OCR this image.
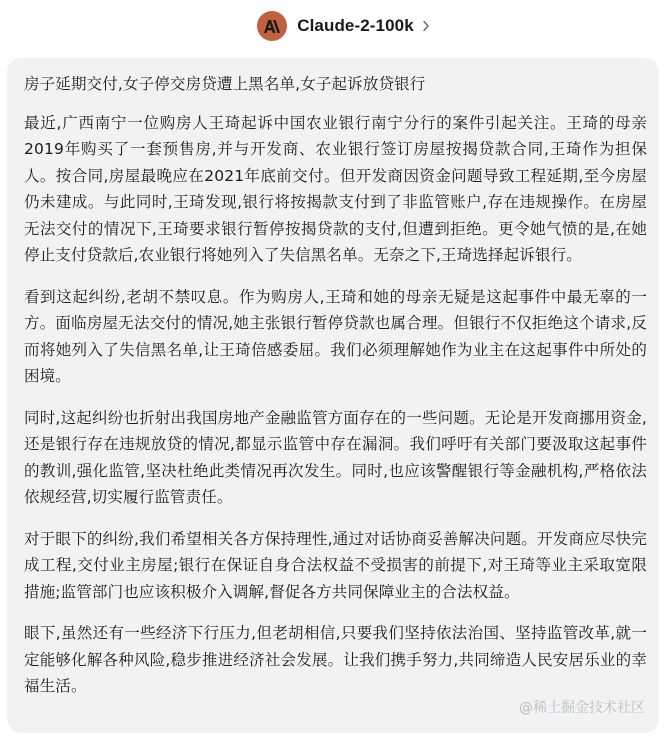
Claude-2-100k

房子延期交付,女子停交房贷遭上黑名单,女子起诉放贷银行

最近,广西南宁一位购房人王琦起诉中国农业银行南宁分行的案件引起关注。王琦的母亲2019年购买了一套预售房,并与开发商、农业银行签订房屋按揭贷款合同,王琦作为担保人。按合同,房屋最晚应在2021年底前交付。但开发商因资金问题导致工程延期,至今房屋仍未建成。与此同时,王琦发现,银行将按揭款支付到了非监管账户,存在违规操作。在房屋无法交付的情况下,王琦要求银行暂停按揭贷款的支付,但遭到拒绝。更令她气愤的是,在她停止支付贷款后,农业银行将她列入了失信黑名单。无奈之下,王琦选择起诉银行。

看到这起纠纷,老胡不禁叹息。作为购房人,王琦和她的母亲无疑是这起事件中最无辜的一方。面临房屋无法交付的情况,她主张银行暂停贷款也属合理。但银行不仅拒绝这个请求,反而将她列入了失信黑名单,让王琦倍感委屈。我们必须理解她作为业主在这起事件中所处的困境。

同时,这起纠纷也折射出我国房地产金融监管方面存在的一些问题。无论是开发商挪用资金,还是银行存在违规放贷的情况,都显示监管中存在漏洞。我们呼吁有关部门要汲取这起事件的教训,强化监管,坚决杜绝此类情况再次发生。同时,也应该警醒银行等金融机构,严格依法依规经营,切实履行监管责任。

对于眼下的纠纷,我们希望相关各方保持理性,通过对话协商妥善解决问题。开发商应尽快完成工程,交付业主房屋;银行在保证自身合法权益不受损害的前提下,对王琦等业主采取宽限措施;监管部门也应该积极介入调解,督促各方共同保障业主的合法权益。

眼下,虽然还有一些经济下行压力,但老胡相信,只要我们坚持依法治国、坚持监管改革,就一定能够化解各种风险,稳步推进经济社会发展。让我们携手努力,共同缔造人民安居乐业的幸福生活。

@稀土掘金技术社区
